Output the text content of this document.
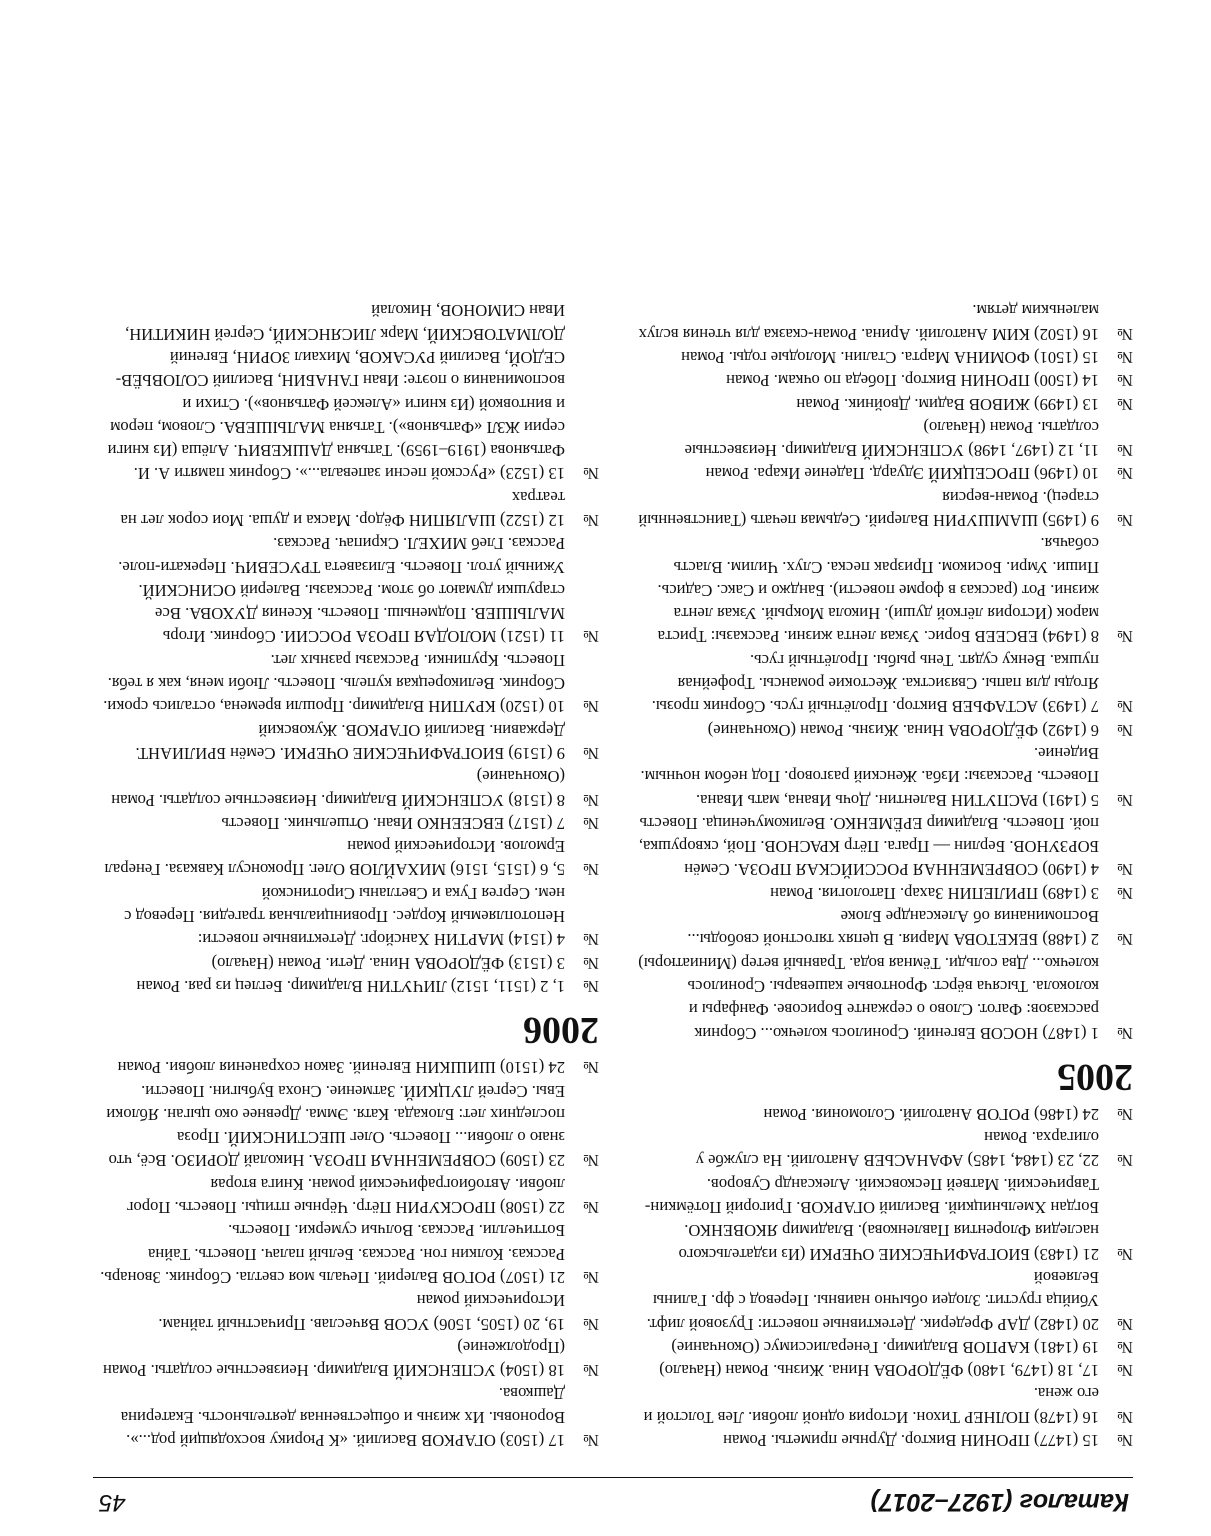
Каталог (1927–2017)
45

№15 (1477) ПРОНИН Виктор. Дурные приметы. Роман

№16 (1478) ПОЛНЕР Тихон. История одной любви. Лев Толстой и его жена.

№17, 18 (1479, 1480) ФЁДОРОВА Нина. Жизнь. Роман (Начало)

№19 (1481) КАРПОВ Владимир. Генералиссимус (Окончание)

№20 (1482) ДАР Фредерик. Детективные повести: Грузовой лифт. Убийца грустит. Злодеи обычно наивны. Перевод с фр. Галины Беляевой

№21 (1483) БИОГРАФИЧЕСКИЕ ОЧЕРКИ (Из издательского наследия Флорентия Павленкова). Владимир ЯКОВЕНКО. Богдан Хмельницкий. Василий ОГАРКОВ. Григорий Потёмкин-Таврический. Матвей Песковский. Александр Суворов.

№22, 23 (1484, 1485) АФАНАСЬЕВ Анатолий. На службе у олигарха. Роман

№24 (1486) РОГОВ Анатолий. Соломония. Роман

2005

№1 (1487) НОСОВ Евгений. Сронилось колечко... Сборник рассказов: Фагот. Слово о сержанте Борисове. Фанфары и колокола. Тысяча вёрст. Фронтовые кашевары. Сронилось колечко... Два сольди. Тёмная вода. Травный ветер (Миниатюры)

№2 (1488) БЕКЕТОВА Мария. В цепях тягостной свободы... Воспоминания об Александре Блоке

№3 (1489) ПРИЛЕПИН Захар. Патология. Роман

№4 (1490) СОВРЕМЕННАЯ РОССИЙСКАЯ ПРОЗА. Семён БОРЗУНОВ. Берлин — Прага. Пётр КРАСНОВ. Пой, скворушка, пой. Повесть. Владимир ЕРЁМЕНКО. Великомученица. Повесть

№5 (1491) РАСПУТИН Валентин. Дочь Ивана, мать Ивана. Повесть. Рассказы: Изба. Женский разговор. Под небом ночным. Видение.

№6 (1492) ФЁДОРОВА Нина. Жизнь. Роман (Окончание)

№7 (1493) АСТАФЬЕВ Виктор. Пролётный гусь. Сборник прозы. Ягоды для папы. Связистка. Жестокие романсы. Трофейная пушка. Венку судят. Тень рыбы. Пролётный гусь.

№8 (1494) ЕВСЕЕВ Борис. Узкая лента жизни. Рассказы: Триста марок (История лёгкой души). Никола Мокрый. Узкая лента жизни. Рот (рассказ в форме повести). Банджо и Сакс. Садись. Пиши. Умри. Босиком. Призрак песка. Слух. Чилим. Власть собачья.

№9 (1495) ШАМШУРИН Валерий. Седьмая печать (Таинственный старец). Роман-версия

№10 (1496) ПРОСЕЦКИЙ Эдуард. Падение Икара. Роман

№11, 12 (1497, 1498) УСПЕНСКИЙ Владимир. Неизвестные солдаты. Роман (Начало)

№13 (1499) ЖИВОВ Вадим. Двойник. Роман

№14 (1500) ПРОНИН Виктор. Победа по очкам. Роман

№15 (1501) ФОМИНА Марта. Сталин. Молодые годы. Роман

№16 (1502) КИМ Анатолий. Арина. Роман-сказка для чтения вслух маленьким детям.

№17 (1503) ОГАРКОВ Василий. «К Рюрику восходящий род...». Вороновы. Их жизнь и общественная деятельность. Екатерина Дашкова.

№18 (1504) УСПЕНСКИЙ Владимир. Неизвестные солдаты. Роман (Продолжение)

№19, 20 (1505, 1506) УСОВ Вячеслав. Причастный тайнам. Исторический роман

№21 (1507) РОГОВ Валерий. Печаль моя светла. Сборник. Звонарь. Рассказ. Колкин гон. Рассказ. Белый палач. Повесть. Тайна Боттичелли. Рассказ. Волчьи сумерки. Повесть.

№22 (1508) ПРОСКУРИН Пётр. Чёрные птицы. Повесть. Порог любви. Автобиографический роман. Книга вторая

№23 (1509) СОВРЕМЕННАЯ ПРОЗА. Николай ДОРИЗО. Всё, что знаю о любви... Повесть. Олег ШЕСТИНСКИЙ. Проза последних лет: Блокада. Катя. Эмма. Древнее око цыган. Яблоки Евы. Сергей ЛУЦКИЙ. Затмение. Сноха Бубыгин. Повести.

№24 (1510) ШИШКИН Евгений. Закон сохранения любви. Роман

2006

№1, 2 (1511, 1512) ЛИЧУТИН Владимир. Беглец из рая. Роман

№3 (1513) ФЁДОРОВА Нина. Дети. Роман (Начало)

№4 (1514) МАРТИН Хансйорг. Детективные повести: Непотопляемый Кордес. Провинциальная трагедия. Перевод с нем. Сергея Гука и Светланы Сиротинской

№5, 6 (1515, 1516) МИХАЙЛОВ Олег. Проконсул Кавказа. Генерал Ермолов. Исторический роман

№7 (1517) ЕВСЕЕНКО Иван. Отшельник. Повесть

№8 (1518) УСПЕНСКИЙ Владимир. Неизвестные солдаты. Роман (Окончание)

№9 (1519) БИОГРАФИЧЕСКИЕ ОЧЕРКИ. Семён БРИЛИАНТ. Державин. Василий ОГАРКОВ. Жуковский

№10 (1520) КРУПИН Владимир. Прошли времена, остались сроки. Сборник. Великорецкая купель. Повесть. Люби меня, как я тебя. Повесть. Крупинки. Рассказы разных лет.

№11 (1521) МОЛОДАЯ ПРОЗА РОССИИ. Сборник. Игорь МАЛЫШЕВ. Подменыш. Повесть. Ксения ДУХОВА. Все старушки думают об этом. Рассказы. Валерий ОСИНСКИЙ. Ужиный угол. Повесть. Елизавета ТРУСЕВИЧ. Перекати-поле. Рассказ. Глеб МИХЕЛ. Скрипач. Рассказ.

№12 (1522) ШАЛЯПИН Фёдор. Маска и душа. Мои сорок лет на театрах

№13 (1523) «Русской песни запевала...». Сборник памяти А. И. Фатьянова (1919–1959). Татьяна ДАШКЕВИЧ. Алёша (Из книги серии ЖЗЛ «Фатьянов»). Татьяна МАЛЫШЕВА. Словом, пером и винтовкой (Из книги «Алексей Фатьянов»). Стихи и воспоминания о поэте: Иван ГАНАБИН, Василий СОЛОВЬЁВ-СЕДОЙ, Василий РУСАКОВ, Михаил ЗОРИН, Евгений ДОЛМАТОВСКИЙ, Марк ЛИСЯНСКИЙ, Сергей НИКИТИН, Иван СИМОНОВ, Николай
